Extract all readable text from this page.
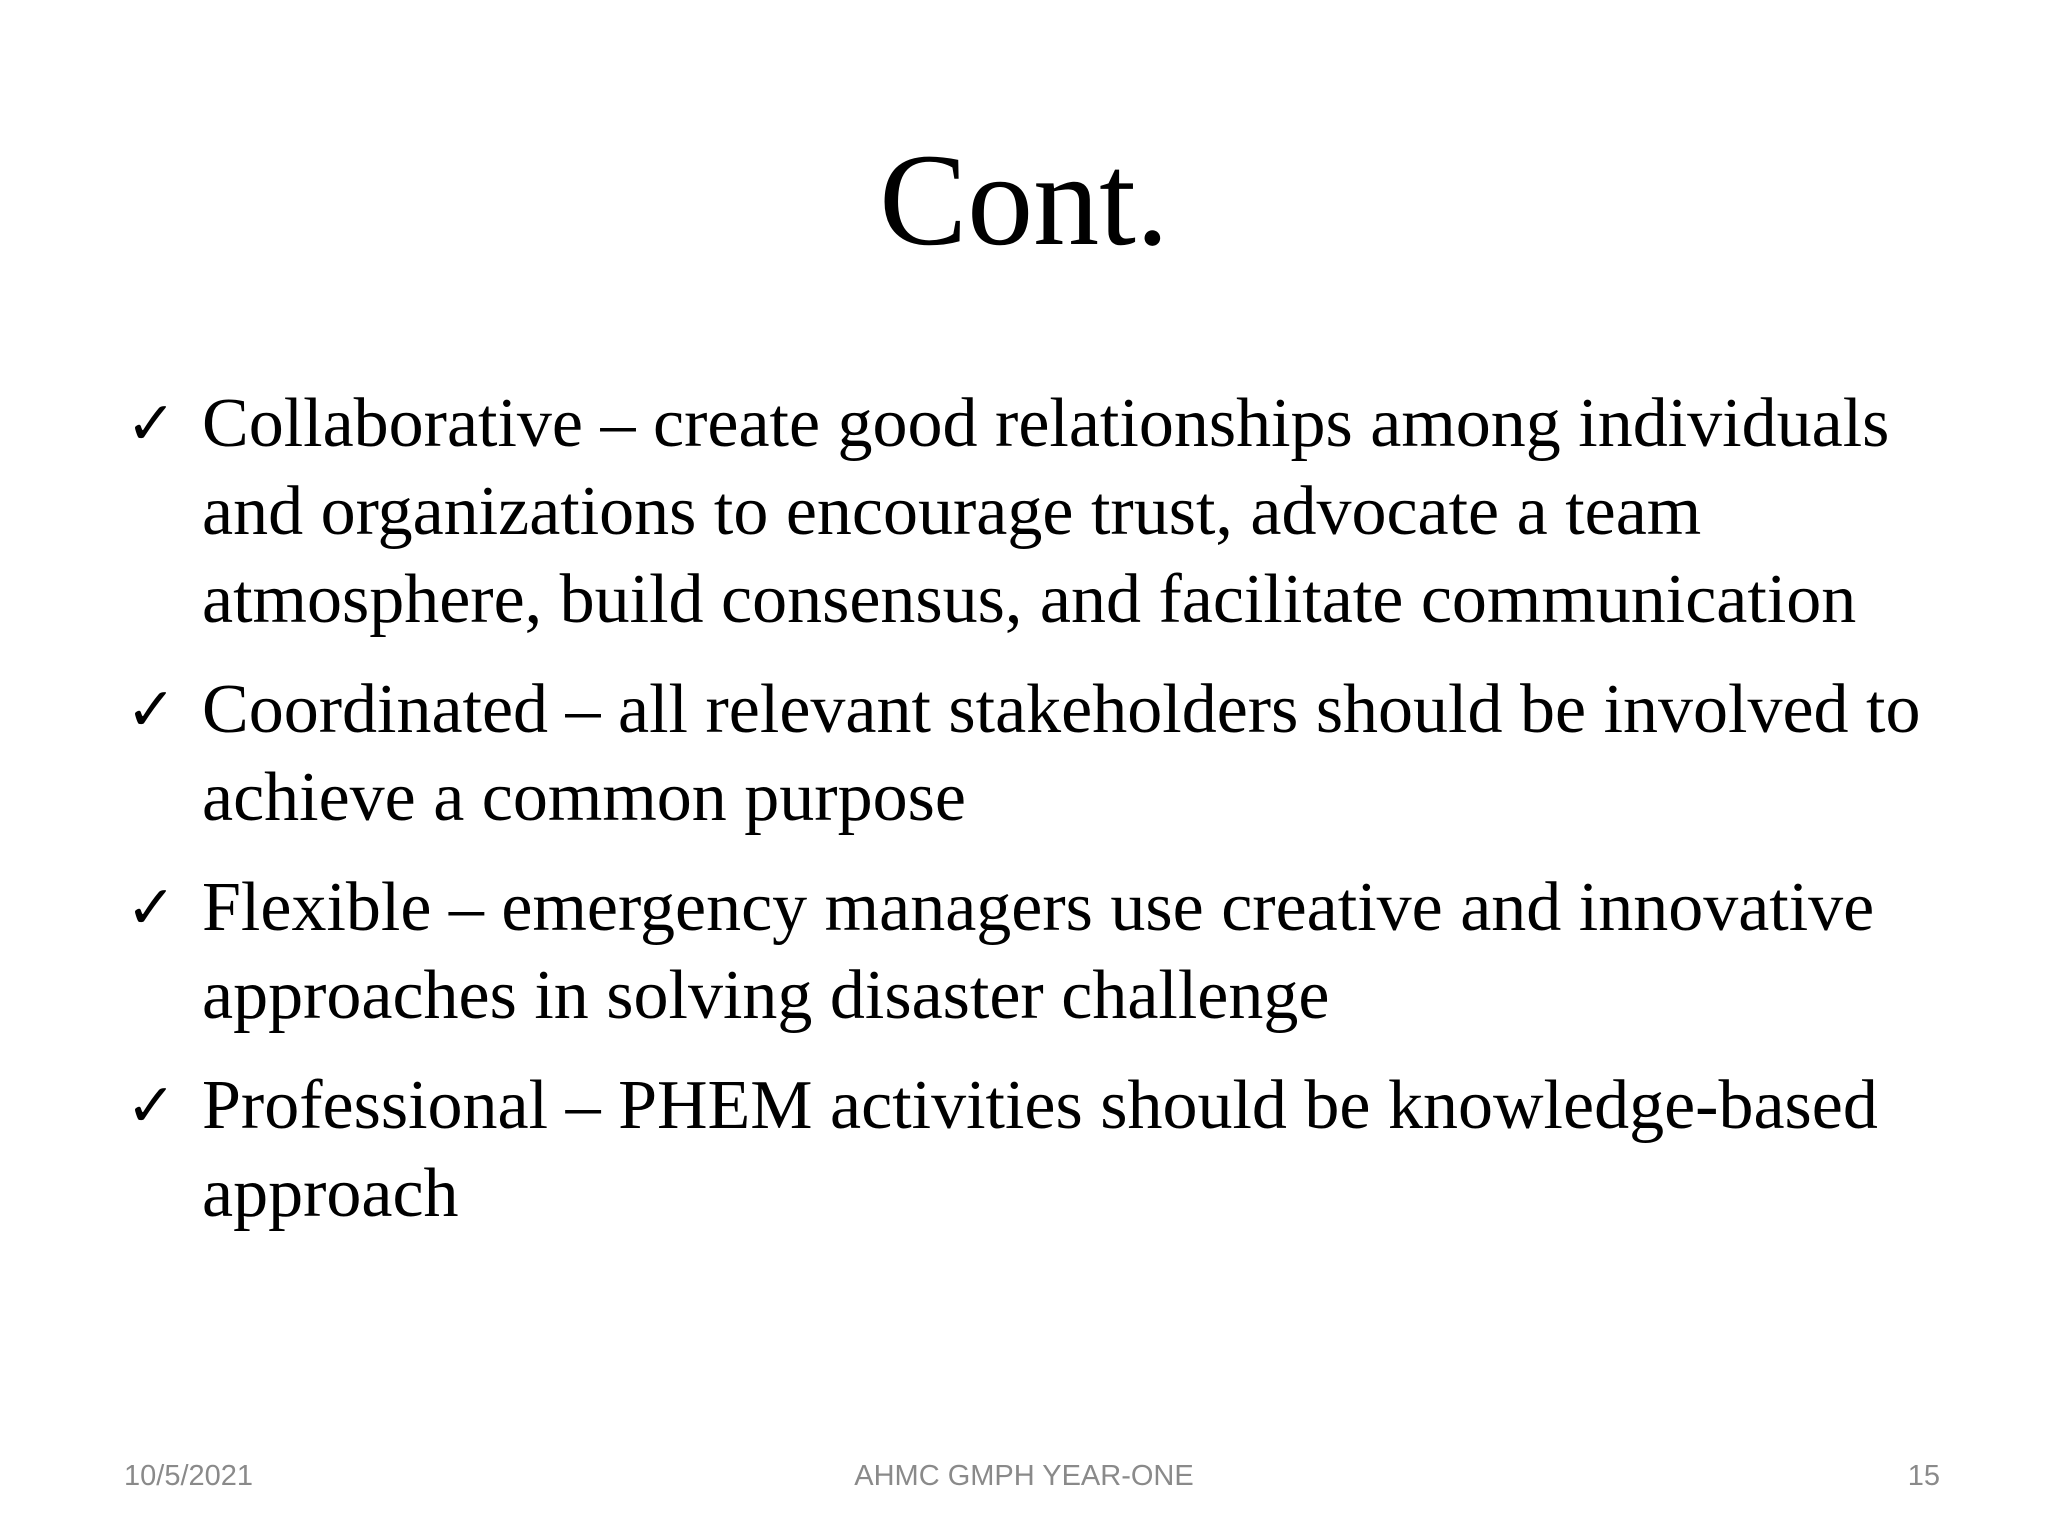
Cont.
✓ Collaborative – create good relationships among individuals and organizations to encourage trust, advocate a team atmosphere, build consensus, and facilitate communication
✓ Coordinated – all relevant stakeholders should be involved to achieve a common purpose
✓ Flexible – emergency managers use creative and innovative approaches in solving disaster challenge
✓ Professional – PHEM activities should be knowledge-based approach
10/5/2021	AHMC GMPH YEAR-ONE	15
